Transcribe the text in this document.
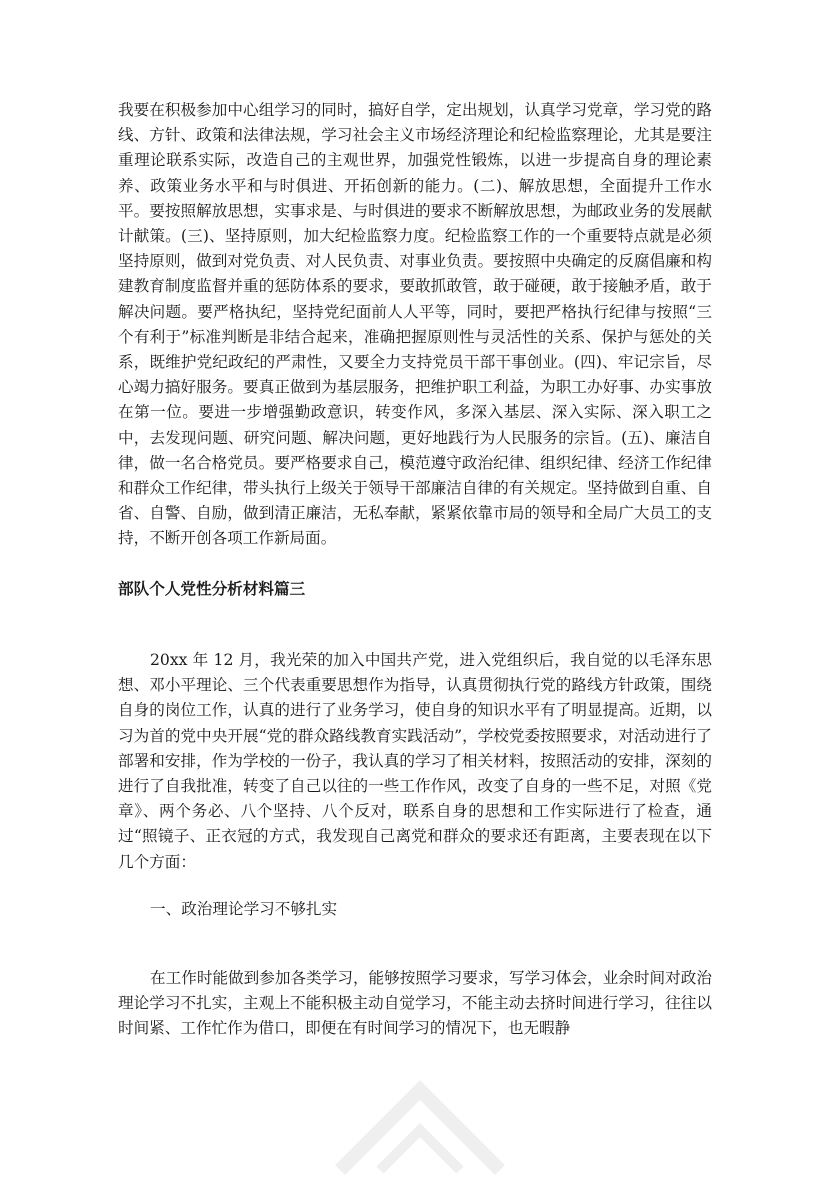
我要在积极参加中心组学习的同时，搞好自学，定出规划，认真学习党章，学习党的路线、方针、政策和法律法规，学习社会主义市场经济理论和纪检监察理论，尤其是要注重理论联系实际，改造自己的主观世界，加强党性锻炼，以进一步提高自身的理论素养、政策业务水平和与时俱进、开拓创新的能力。(二)、解放思想，全面提升工作水平。要按照解放思想，实事求是、与时俱进的要求不断解放思想，为邮政业务的发展献计献策。(三)、坚持原则，加大纪检监察力度。纪检监察工作的一个重要特点就是必须坚持原则，做到对党负责、对人民负责、对事业负责。要按照中央确定的反腐倡廉和构建教育制度监督并重的惩防体系的要求，要敢抓敢管，敢于碰硬，敢于接触矛盾，敢于解决问题。要严格执纪，坚持党纪面前人人平等，同时，要把严格执行纪律与按照“三个有利于”标准判断是非结合起来，准确把握原则性与灵活性的关系、保护与惩处的关系，既维护党纪政纪的严肃性，又要全力支持党员干部干事创业。(四)、牢记宗旨，尽心竭力搞好服务。要真正做到为基层服务，把维护职工利益，为职工办好事、办实事放在第一位。要进一步增强勤政意识，转变作风，多深入基层、深入实际、深入职工之中，去发现问题、研究问题、解决问题，更好地践行为人民服务的宗旨。(五)、廉洁自律，做一名合格党员。要严格要求自己，模范遵守政治纪律、组织纪律、经济工作纪律和群众工作纪律，带头执行上级关于领导干部廉洁自律的有关规定。坚持做到自重、自省、自警、自励，做到清正廉洁，无私奉献，紧紧依靠市局的领导和全局广大员工的支持，不断开创各项工作新局面。

部队个人党性分析材料篇三

20xx 年 12 月，我光荣的加入中国共产党，进入党组织后，我自觉的以毛泽东思想、邓小平理论、三个代表重要思想作为指导，认真贯彻执行党的路线方针政策，围绕自身的岗位工作，认真的进行了业务学习，使自身的知识水平有了明显提高。近期，以习为首的党中央开展“党的群众路线教育实践活动”，学校党委按照要求，对活动进行了部署和安排，作为学校的一份子，我认真的学习了相关材料，按照活动的安排，深刻的进行了自我批准，转变了自己以往的一些工作作风，改变了自身的一些不足，对照《党章》、两个务必、八个坚持、八个反对，联系自身的思想和工作实际进行了检查，通过“照镜子、正衣冠的方式，我发现自己离党和群众的要求还有距离，主要表现在以下几个方面：

一、政治理论学习不够扎实

在工作时能做到参加各类学习，能够按照学习要求，写学习体会，业余时间对政治理论学习不扎实，主观上不能积极主动自觉学习，不能主动去挤时间进行学习，往往以时间紧、工作忙作为借口，即便在有时间学习的情况下，也无暇静
